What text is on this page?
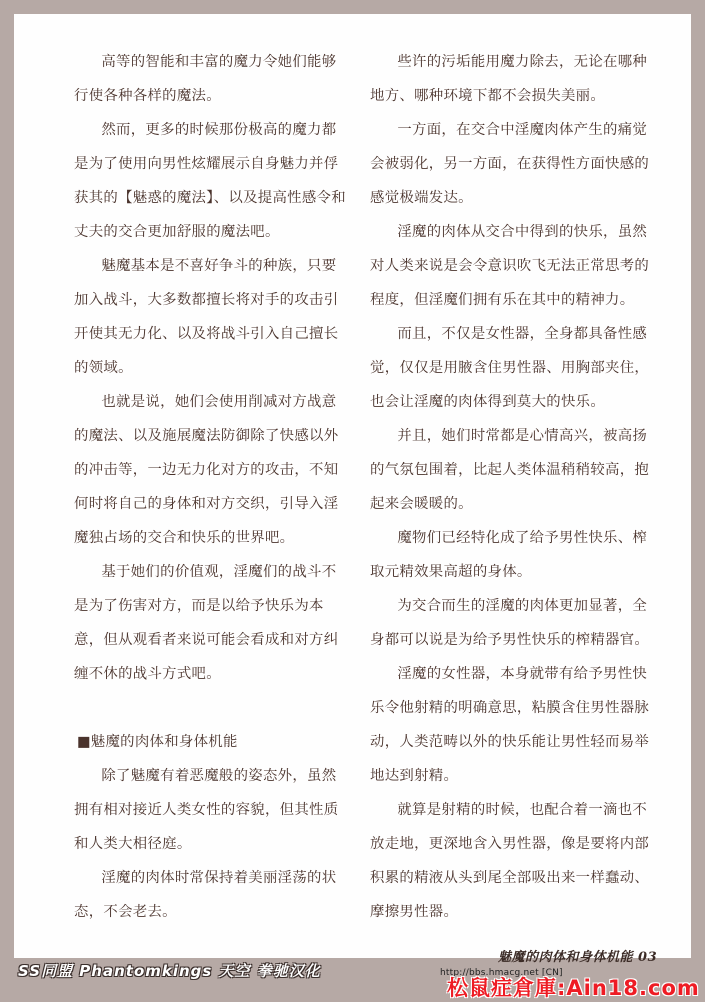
高等的智能和丰富的魔力令她们能够行使各种各样的魔法。

然而，更多的时候那份极高的魔力都是为了使用向男性炫耀展示自身魅力并俘获其的【魅惑的魔法】、以及提高性感令和丈夫的交合更加舒服的魔法吧。

魅魔基本是不喜好争斗的种族，只要加入战斗，大多数都擅长将对手的攻击引开使其无力化、以及将战斗引入自己擅长的领域。

也就是说，她们会使用削减对方战意的魔法、以及施展魔法防御除了快感以外的冲击等，一边无力化对方的攻击，不知何时将自己的身体和对方交织，引导入淫魔独占场的交合和快乐的世界吧。

基于她们的价值观，淫魔们的战斗不是为了伤害对方，而是以给予快乐为本意，但从观看者来说可能会看成和对方纠缠不休的战斗方式吧。

■魅魔的肉体和身体机能

除了魅魔有着恶魔般的姿态外，虽然拥有相对接近人类女性的容貌，但其性质和人类大相径庭。

淫魔的肉体时常保持着美丽淫荡的状态，不会老去。

些许的污垢能用魔力除去，无论在哪种地方、哪种环境下都不会损失美丽。

一方面，在交合中淫魔肉体产生的痛觉会被弱化，另一方面，在获得性方面快感的感觉极端发达。

淫魔的肉体从交合中得到的快乐，虽然对人类来说是会令意识吹飞无法正常思考的程度，但淫魔们拥有乐在其中的精神力。

而且，不仅是女性器，全身都具备性感觉，仅仅是用腋含住男性器、用胸部夹住，也会让淫魔的肉体得到莫大的快乐。

并且，她们时常都是心情高兴，被高扬的气氛包围着，比起人类体温稍稍较高，抱起来会暖暖的。

魔物们已经特化成了给予男性快乐、榨取元精效果高超的身体。

为交合而生的淫魔的肉体更加显著，全身都可以说是为给予男性快乐的榨精器官。

淫魔的女性器，本身就带有给予男性快乐令他射精的明确意思，粘膜含住男性器脉动，人类范畴以外的快乐能让男性轻而易举地达到射精。

就算是射精的时候，也配合着一滴也不放走地，更深地含入男性器，像是要将内部积累的精液从头到尾全部吸出来一样蠢动、摩擦男性器。

魅魔的肉体和身体机能 03
SS同盟 Phantomkings 天空 拳驰汉化	http://bbs.hmacg.net [CN]
松鼠症倉庫:Ain18.com
